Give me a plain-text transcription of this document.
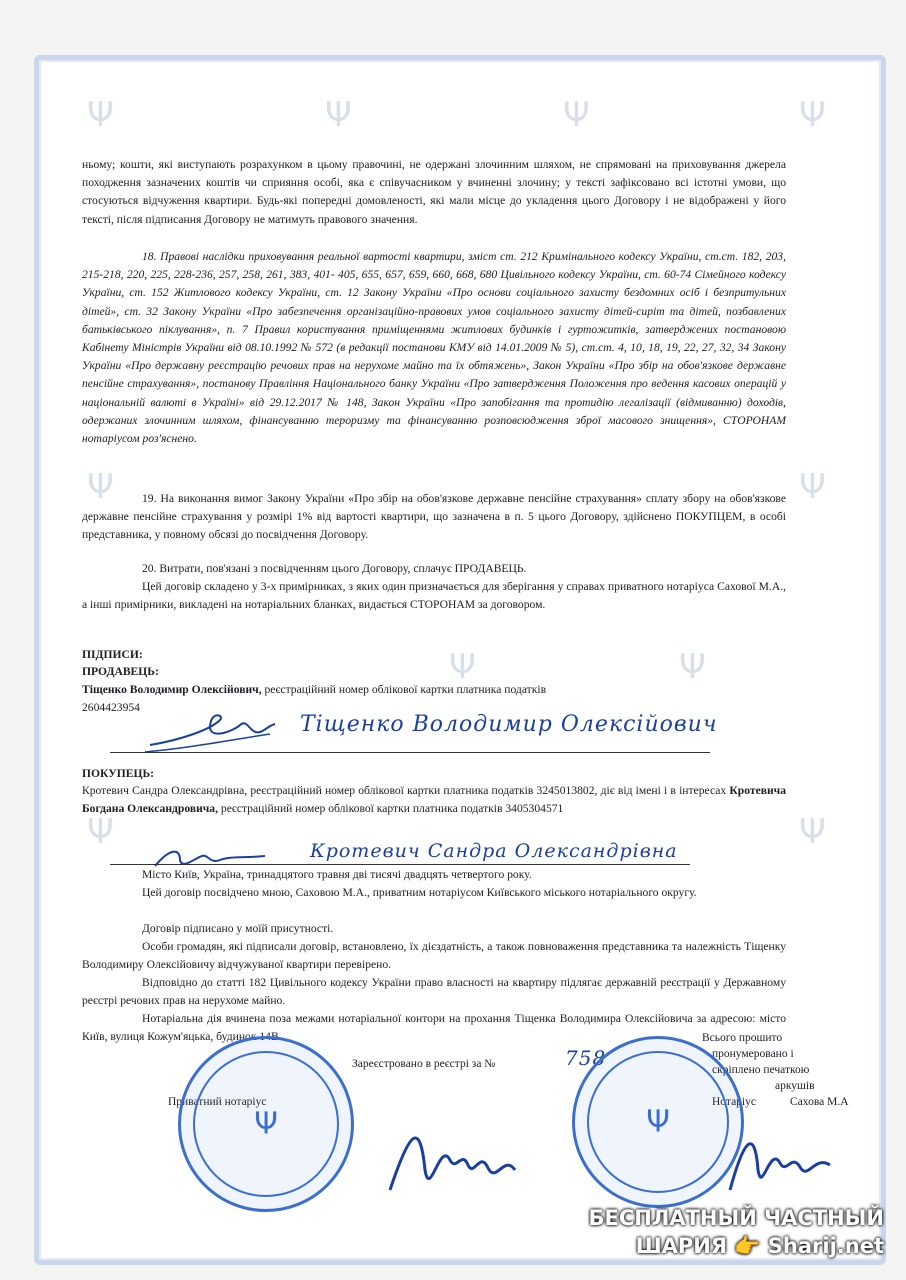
Ψ	Ψ	Ψ	Ψ
Ψ
Ψ
Ψ	Ψ
Ψ	Ψ
ньому; кошти, які виступають розрахунком в цьому правочині, не одержані злочинним шляхом, не спрямовані на приховування джерела походження зазначених коштів чи сприяння особі, яка є співучасником у вчиненні злочину; у тексті зафіксовано всі істотні умови, що стосуються відчуження квартири. Будь-які попередні домовленості, які мали місце до укладення цього Договору і не відображені у його тексті, після підписання Договору не матимуть правового значення.
18. Правові наслідки приховування реальної вартості квартири, зміст ст. 212 Кримінального кодексу України, ст.ст. 182, 203, 215-218, 220, 225, 228-236, 257, 258, 261, 383, 401- 405, 655, 657, 659, 660, 668, 680 Цивільного кодексу України, ст. 60-74 Сімейного кодексу України, ст. 152 Житлового кодексу України, ст. 12 Закону України «Про основи соціального захисту бездомних осіб і безпритульних дітей», ст. 32 Закону України «Про забезпечення організаційно-правових умов соціального захисту дітей-сиріт та дітей, позбавлених батьківського піклування», п. 7 Правил користування приміщеннями житлових будинків і гуртожитків, затверджених постановою Кабінету Міністрів України від 08.10.1992 № 572 (в редакції постанови КМУ від 14.01.2009 № 5), ст.ст. 4, 10, 18, 19, 22, 27, 32, 34 Закону України «Про державну реєстрацію речових прав на нерухоме майно та їх обтяжень», Закон України «Про збір на обов'язкове державне пенсійне страхування», постанову Правління Національного банку України «Про затвердження Положення про ведення касових операцій у національній валюті в Україні» від 29.12.2017 № 148, Закон України «Про запобігання та протидію легалізації (відмиванню) доходів, одержаних злочинним шляхом, фінансуванню тероризму та фінансуванню розповсюдження зброї масового знищення», СТОРОНАМ нотаріусом роз'яснено.
19. На виконання вимог Закону України «Про збір на обов'язкове державне пенсійне страхування» сплату збору на обов'язкове державне пенсійне страхування у розмірі 1% від вартості квартири, що зазначена в п. 5 цього Договору, здійснено ПОКУПЦЕМ, в особі представника, у повному обсязі до посвідчення Договору.
20. Витрати, пов'язані з посвідченням цього Договору, сплачує ПРОДАВЕЦЬ.
Цей договір складено у 3-х примірниках, з яких один призначається для зберігання у справах приватного нотаріуса Сахової М.А., а інші примірники, викладені на нотаріальних бланках, видається СТОРОНАМ за договором.
ПІДПИСИ:
ПРОДАВЕЦЬ:
Тіщенко Володимир Олексійович, реєстраційний номер облікової картки платника податків
2604423954
Тіщенко Володимир Олексійович
ПОКУПЕЦЬ:
Кротевич Сандра Олександрівна, реєстраційний номер облікової картки платника податків 3245013802, діє від імені і в інтересах Кротевича Богдана Олександровича, реєстраційний номер облікової картки платника податків 3405304571
Кротевич Сандра Олександрівна
Місто Київ, Україна, тринадцятого травня дві тисячі двадцять четвертого року.
Цей договір посвідчено мною, Саховою М.А., приватним нотаріусом Київського міського нотаріального округу.
Договір підписано у моїй присутності.
Особи громадян, які підписали договір, встановлено, їх дієздатність, а також повноваження представника та належність Тіщенку Володимиру Олексійовичу відчужуваної квартири перевірено.
Відповідно до статті 182 Цивільного кодексу України право власності на квартиру підлягає державній реєстрації у Державному реєстрі речових прав на нерухоме майно.
Нотаріальна дія вчинена поза межами нотаріальної контори на прохання Тіщенка Володимира Олексійовича за адресою: місто Київ, вулиця Кожум'яцька, будинок 14В.
Зареєстровано в реєстрі за №	758
Приватний нотаріус
Всього прошито
пронумеровано і
скріплено печаткою
аркушів
Нотаріус	Сахова М.А
Ψ	Ψ
БЕСПЛАТНЫЙ ЧАСТНЫЙ
ШАРИЯ 👉 Sharij.net
